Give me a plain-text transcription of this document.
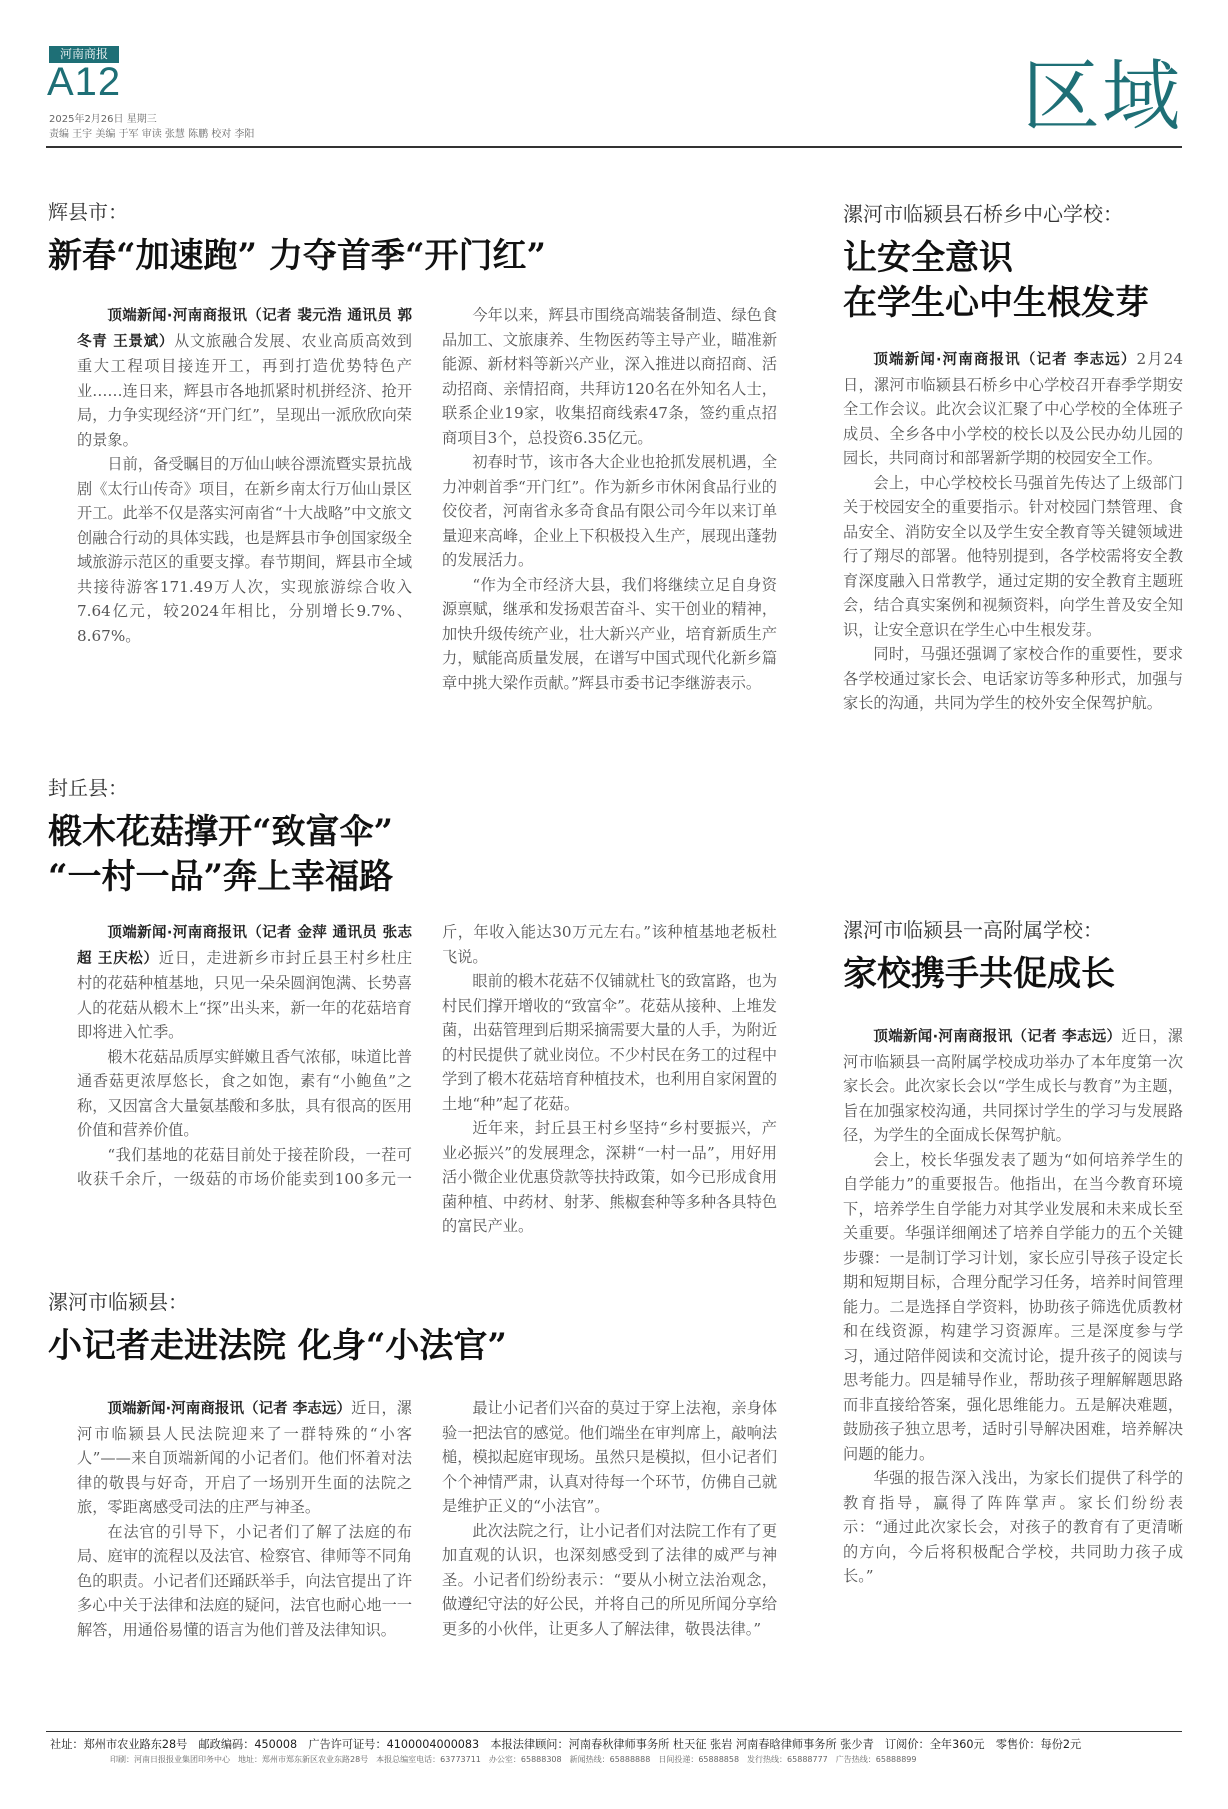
河南商报
A12
2025年2月26日 星期三
责编 王宇 美编 于军 审读 张慧 陈鹏 校对 李阳	区域
辉县市：
新春“加速跑” 力夺首季“开门红”

顶端新闻·河南商报讯（记者 裴元浩 通讯员 郭冬青 王景斌）从文旅融合发展、农业高质高效到重大工程项目接连开工，再到打造优势特色产业……连日来，辉县市各地抓紧时机拼经济、抢开局，力争实现经济“开门红”，呈现出一派欣欣向荣的景象。

日前，备受瞩目的万仙山峡谷漂流暨实景抗战剧《太行山传奇》项目，在新乡南太行万仙山景区开工。此举不仅是落实河南省“十大战略”中文旅文创融合行动的具体实践，也是辉县市争创国家级全域旅游示范区的重要支撑。春节期间，辉县市全域共接待游客171.49万人次，实现旅游综合收入7.64亿元，较2024年相比，分别增长9.7%、8.67%。

今年以来，辉县市围绕高端装备制造、绿色食品加工、文旅康养、生物医药等主导产业，瞄准新能源、新材料等新兴产业，深入推进以商招商、活动招商、亲情招商，共拜访120名在外知名人士，联系企业19家，收集招商线索47条，签约重点招商项目3个，总投资6.35亿元。

初春时节，该市各大企业也抢抓发展机遇，全力冲刺首季“开门红”。作为新乡市休闲食品行业的佼佼者，河南省永多奇食品有限公司今年以来订单量迎来高峰，企业上下积极投入生产，展现出蓬勃的发展活力。

“作为全市经济大县，我们将继续立足自身资源禀赋，继承和发扬艰苦奋斗、实干创业的精神，加快升级传统产业，壮大新兴产业，培育新质生产力，赋能高质量发展，在谱写中国式现代化新乡篇章中挑大梁作贡献。”辉县市委书记李继游表示。

封丘县：
椴木花菇撑开“致富伞”
“一村一品”奔上幸福路

顶端新闻·河南商报讯（记者 金萍 通讯员 张志超 王庆松）近日，走进新乡市封丘县王村乡杜庄村的花菇种植基地，只见一朵朵圆润饱满、长势喜人的花菇从椴木上“探”出头来，新一年的花菇培育即将进入忙季。

椴木花菇品质厚实鲜嫩且香气浓郁，味道比普通香菇更浓厚悠长，食之如饱，素有“小鲍鱼”之称，又因富含大量氨基酸和多肽，具有很高的医用价值和营养价值。

“我们基地的花菇目前处于接茬阶段，一茬可收获千余斤，一级菇的市场价能卖到100多元一斤，年收入能达30万元左右。”该种植基地老板杜飞说。

眼前的椴木花菇不仅铺就杜飞的致富路，也为村民们撑开增收的“致富伞”。花菇从接种、上堆发菌，出菇管理到后期采摘需要大量的人手，为附近的村民提供了就业岗位。不少村民在务工的过程中学到了椴木花菇培育种植技术，也利用自家闲置的土地“种”起了花菇。

近年来，封丘县王村乡坚持“乡村要振兴，产业必振兴”的发展理念，深耕“一村一品”，用好用活小微企业优惠贷款等扶持政策，如今已形成食用菌种植、中药材、射茅、熊椒套种等多种各具特色的富民产业。

漯河市临颍县：
小记者走进法院 化身“小法官”

顶端新闻·河南商报讯（记者 李志远）近日，漯河市临颍县人民法院迎来了一群特殊的“小客人”——来自顶端新闻的小记者们。他们怀着对法律的敬畏与好奇，开启了一场别开生面的法院之旅，零距离感受司法的庄严与神圣。

在法官的引导下，小记者们了解了法庭的布局、庭审的流程以及法官、检察官、律师等不同角色的职责。小记者们还踊跃举手，向法官提出了许多心中关于法律和法庭的疑问，法官也耐心地一一解答，用通俗易懂的语言为他们普及法律知识。

最让小记者们兴奋的莫过于穿上法袍，亲身体验一把法官的感觉。他们端坐在审判席上，敲响法槌，模拟起庭审现场。虽然只是模拟，但小记者们个个神情严肃，认真对待每一个环节，仿佛自己就是维护正义的“小法官”。

此次法院之行，让小记者们对法院工作有了更加直观的认识，也深刻感受到了法律的威严与神圣。小记者们纷纷表示：“要从小树立法治观念，做遵纪守法的好公民，并将自己的所见所闻分享给更多的小伙伴，让更多人了解法律，敬畏法律。”

漯河市临颍县石桥乡中心学校：
让安全意识
在学生心中生根发芽

顶端新闻·河南商报讯（记者 李志远）2月24日，漯河市临颍县石桥乡中心学校召开春季学期安全工作会议。此次会议汇聚了中心学校的全体班子成员、全乡各中小学校的校长以及公民办幼儿园的园长，共同商讨和部署新学期的校园安全工作。

会上，中心学校校长马强首先传达了上级部门关于校园安全的重要指示。针对校园门禁管理、食品安全、消防安全以及学生安全教育等关键领域进行了翔尽的部署。他特别提到，各学校需将安全教育深度融入日常教学，通过定期的安全教育主题班会，结合真实案例和视频资料，向学生普及安全知识，让安全意识在学生心中生根发芽。

同时，马强还强调了家校合作的重要性，要求各学校通过家长会、电话家访等多种形式，加强与家长的沟通，共同为学生的校外安全保驾护航。

漯河市临颍县一高附属学校：
家校携手共促成长

顶端新闻·河南商报讯（记者 李志远）近日，漯河市临颍县一高附属学校成功举办了本年度第一次家长会。此次家长会以“学生成长与教育”为主题，旨在加强家校沟通，共同探讨学生的学习与发展路径，为学生的全面成长保驾护航。

会上，校长华强发表了题为“如何培养学生的自学能力”的重要报告。他指出，在当今教育环境下，培养学生自学能力对其学业发展和未来成长至关重要。华强详细阐述了培养自学能力的五个关键步骤：一是制订学习计划，家长应引导孩子设定长期和短期目标，合理分配学习任务，培养时间管理能力。二是选择自学资料，协助孩子筛选优质教材和在线资源，构建学习资源库。三是深度参与学习，通过陪伴阅读和交流讨论，提升孩子的阅读与思考能力。四是辅导作业，帮助孩子理解解题思路而非直接给答案，强化思维能力。五是解决难题，鼓励孩子独立思考，适时引导解决困难，培养解决问题的能力。

华强的报告深入浅出，为家长们提供了科学的教育指导，赢得了阵阵掌声。家长们纷纷表示：“通过此次家长会，对孩子的教育有了更清晰的方向，今后将积极配合学校，共同助力孩子成长。”

社址：郑州市农业路东28号　邮政编码：450008　广告许可证号：4100004000083　本报法律顾问：河南春秋律师事务所 杜天征 张岩 河南春晗律师事务所 张少青　订阅价：全年360元　零售价：每份2元
印刷：河南日报报业集团印务中心　地址：郑州市郑东新区农业东路28号　本报总编室电话：63773711　办公室：65888308　新闻热线：65888888　日间投递：65888858　发行热线：65888777　广告热线：65888899
